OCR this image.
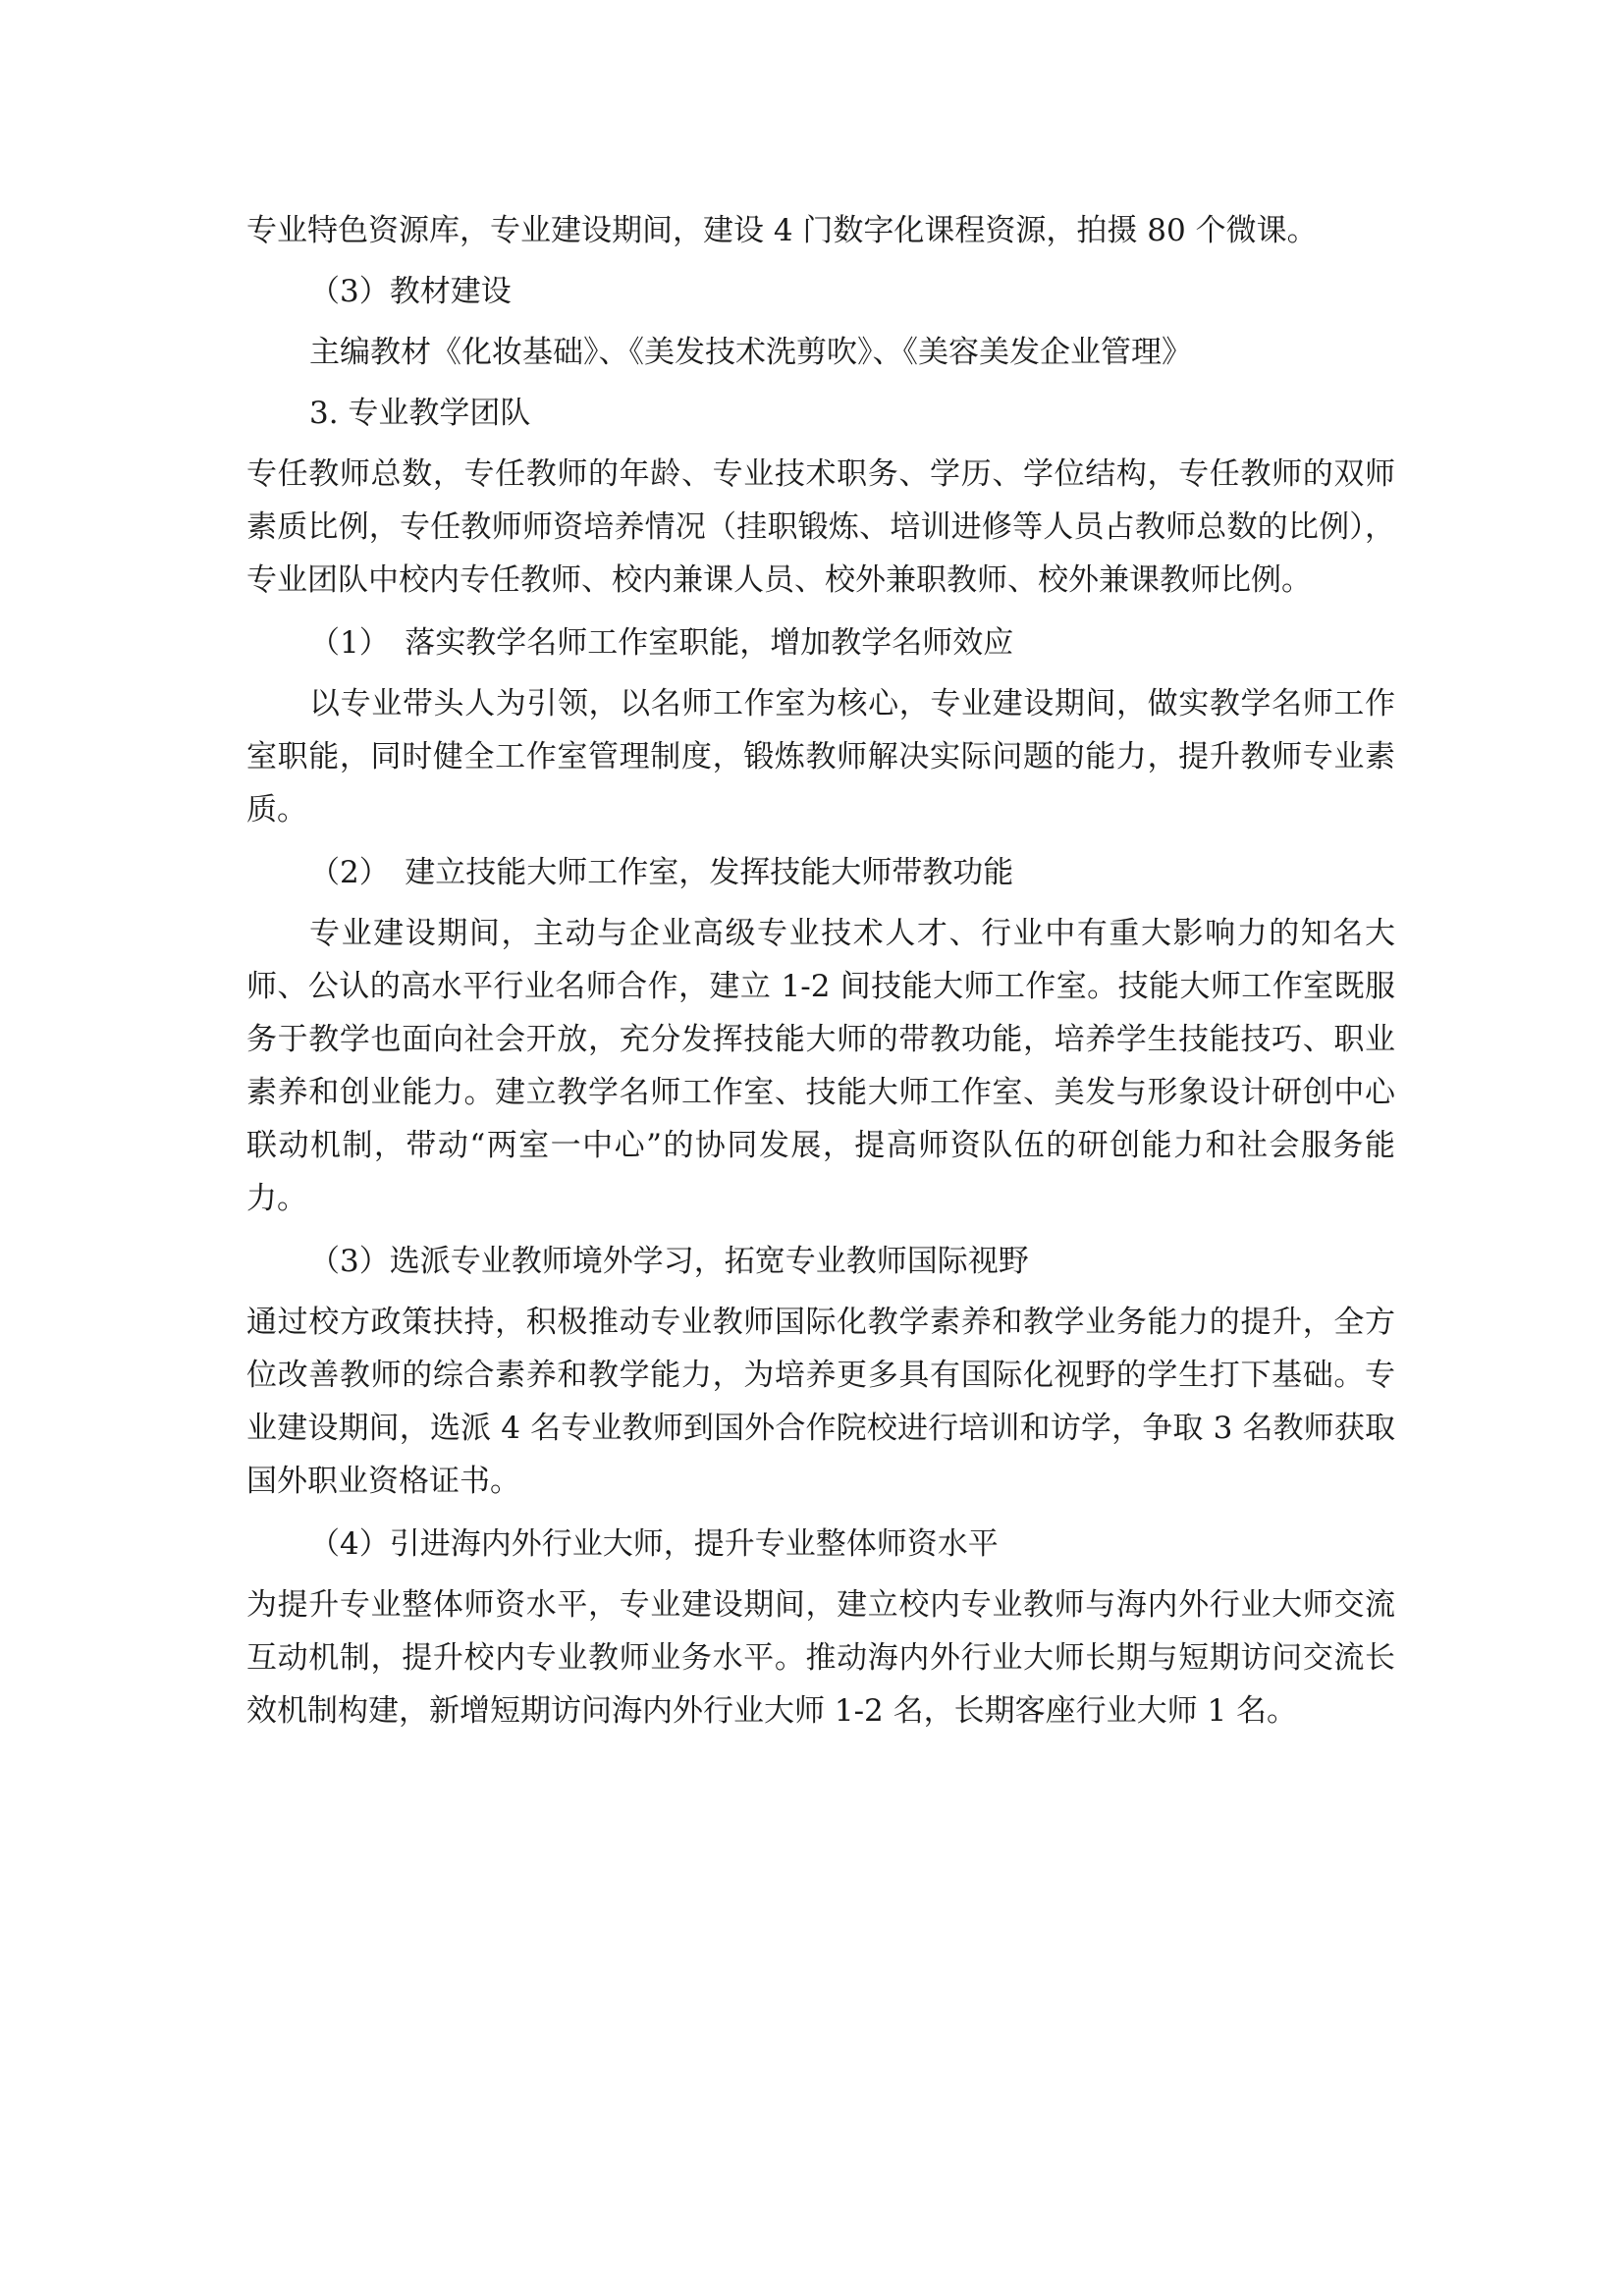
专业特色资源库，专业建设期间，建设 4 门数字化课程资源，拍摄 80 个微课。

（3）教材建设

主编教材《化妆基础》、《美发技术洗剪吹》、《美容美发企业管理》

3. 专业教学团队

专任教师总数，专任教师的年龄、专业技术职务、学历、学位结构，专任教师的双师素质比例，专任教师师资培养情况（挂职锻炼、培训进修等人员占教师总数的比例），专业团队中校内专任教师、校内兼课人员、校外兼职教师、校外兼课教师比例。

（1）　落实教学名师工作室职能，增加教学名师效应

以专业带头人为引领，以名师工作室为核心，专业建设期间，做实教学名师工作室职能，同时健全工作室管理制度，锻炼教师解决实际问题的能力，提升教师专业素质。

（2）　建立技能大师工作室，发挥技能大师带教功能

专业建设期间，主动与企业高级专业技术人才、行业中有重大影响力的知名大师、公认的高水平行业名师合作，建立 1-2 间技能大师工作室。技能大师工作室既服务于教学也面向社会开放，充分发挥技能大师的带教功能，培养学生技能技巧、职业素养和创业能力。建立教学名师工作室、技能大师工作室、美发与形象设计研创中心联动机制，带动“两室一中心”的协同发展，提高师资队伍的研创能力和社会服务能力。

（3）选派专业教师境外学习，拓宽专业教师国际视野

通过校方政策扶持，积极推动专业教师国际化教学素养和教学业务能力的提升，全方位改善教师的综合素养和教学能力，为培养更多具有国际化视野的学生打下基础。专业建设期间，选派 4 名专业教师到国外合作院校进行培训和访学，争取 3 名教师获取国外职业资格证书。

（4）引进海内外行业大师，提升专业整体师资水平

为提升专业整体师资水平，专业建设期间，建立校内专业教师与海内外行业大师交流互动机制，提升校内专业教师业务水平。推动海内外行业大师长期与短期访问交流长效机制构建，新增短期访问海内外行业大师 1-2 名，长期客座行业大师 1 名。
